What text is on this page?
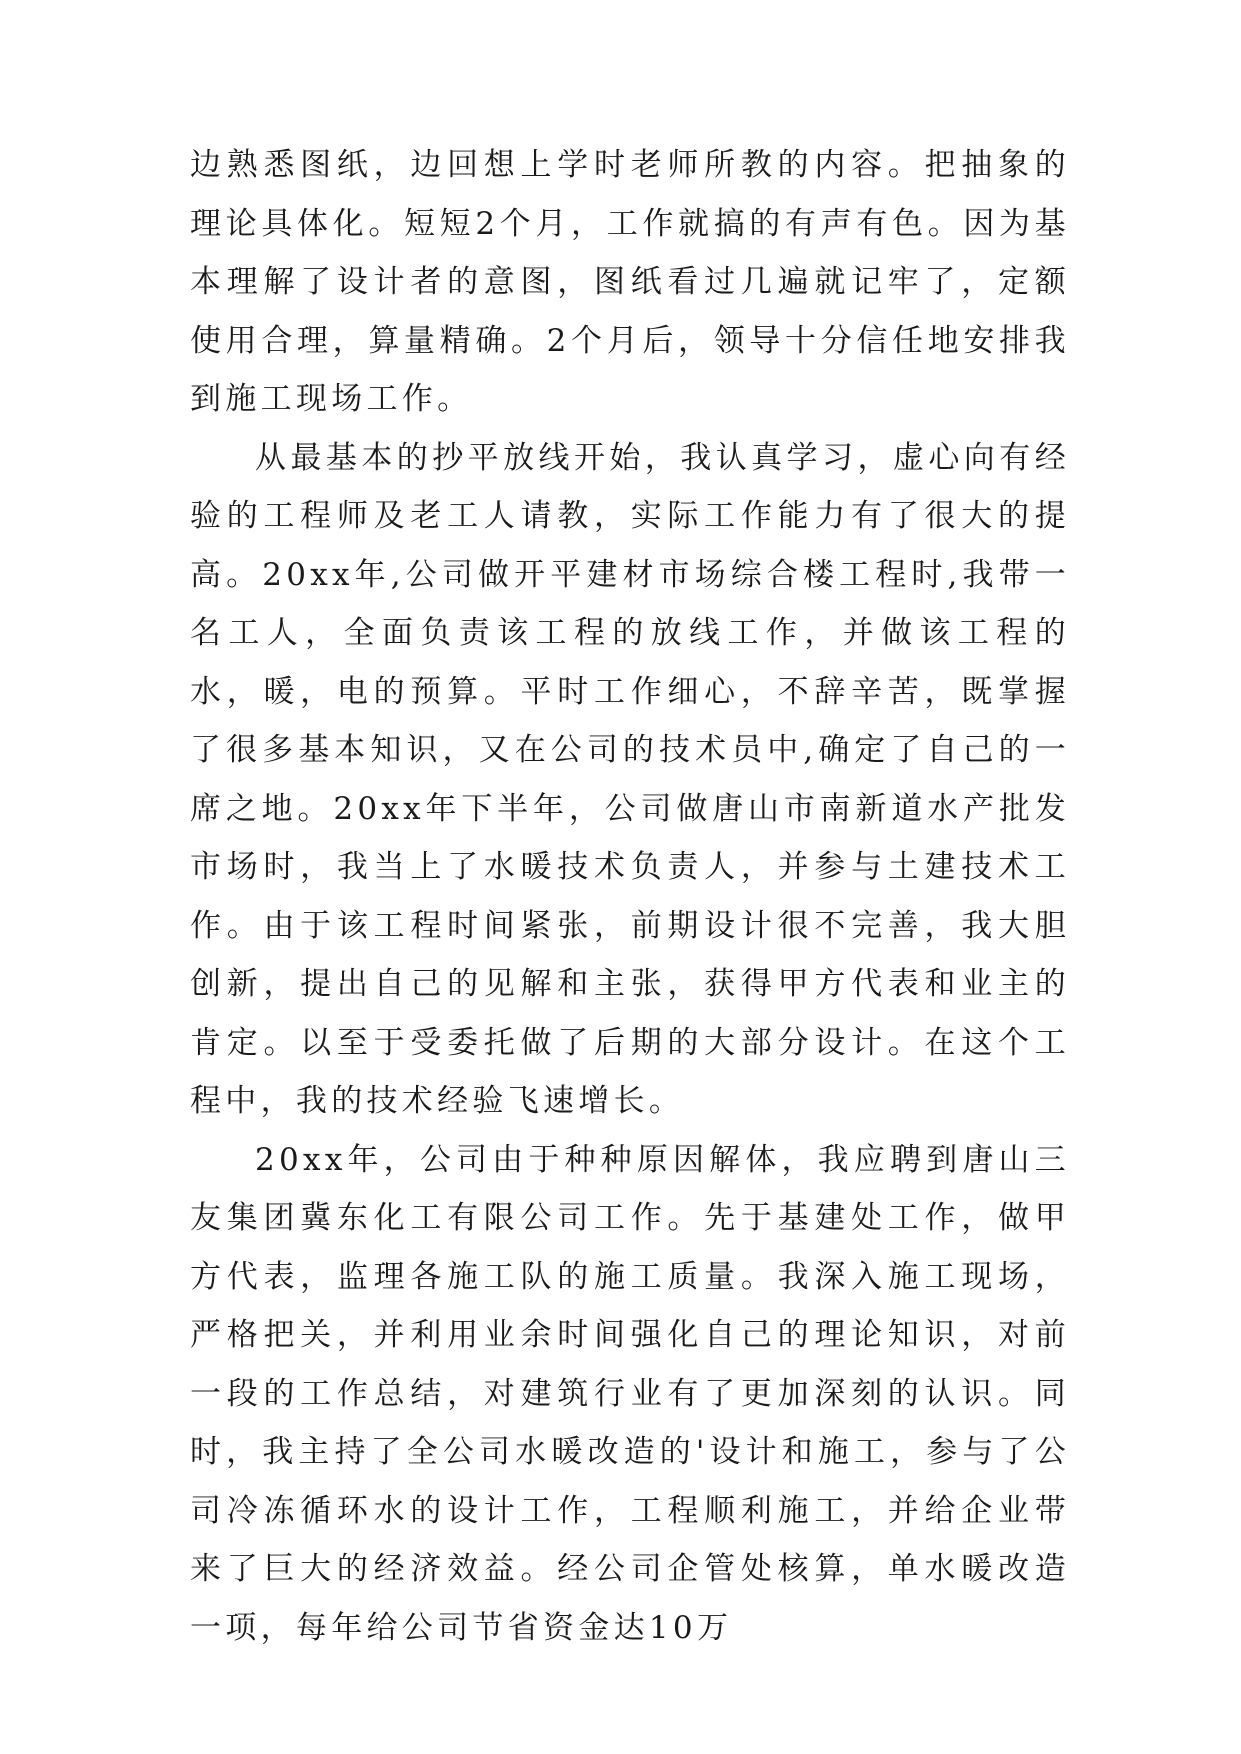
边熟悉图纸，边回想上学时老师所教的内容。把抽象的理论具体化。短短2个月，工作就搞的有声有色。因为基本理解了设计者的意图，图纸看过几遍就记牢了，定额使用合理，算量精确。2个月后，领导十分信任地安排我到施工现场工作。

从最基本的抄平放线开始，我认真学习，虚心向有经验的工程师及老工人请教，实际工作能力有了很大的提高。20xx年,公司做开平建材市场综合楼工程时,我带一名工人，全面负责该工程的放线工作，并做该工程的水，暖，电的预算。平时工作细心，不辞辛苦，既掌握了很多基本知识，又在公司的技术员中,确定了自己的一席之地。20xx年下半年，公司做唐山市南新道水产批发市场时，我当上了水暖技术负责人，并参与土建技术工作。由于该工程时间紧张，前期设计很不完善，我大胆创新，提出自己的见解和主张，获得甲方代表和业主的肯定。以至于受委托做了后期的大部分设计。在这个工程中，我的技术经验飞速增长。

20xx年，公司由于种种原因解体，我应聘到唐山三友集团冀东化工有限公司工作。先于基建处工作，做甲方代表，监理各施工队的施工质量。我深入施工现场，严格把关，并利用业余时间强化自己的理论知识，对前一段的工作总结，对建筑行业有了更加深刻的认识。同时，我主持了全公司水暖改造的'设计和施工，参与了公司冷冻循环水的设计工作，工程顺利施工，并给企业带来了巨大的经济效益。经公司企管处核算，单水暖改造一项，每年给公司节省资金达10万
